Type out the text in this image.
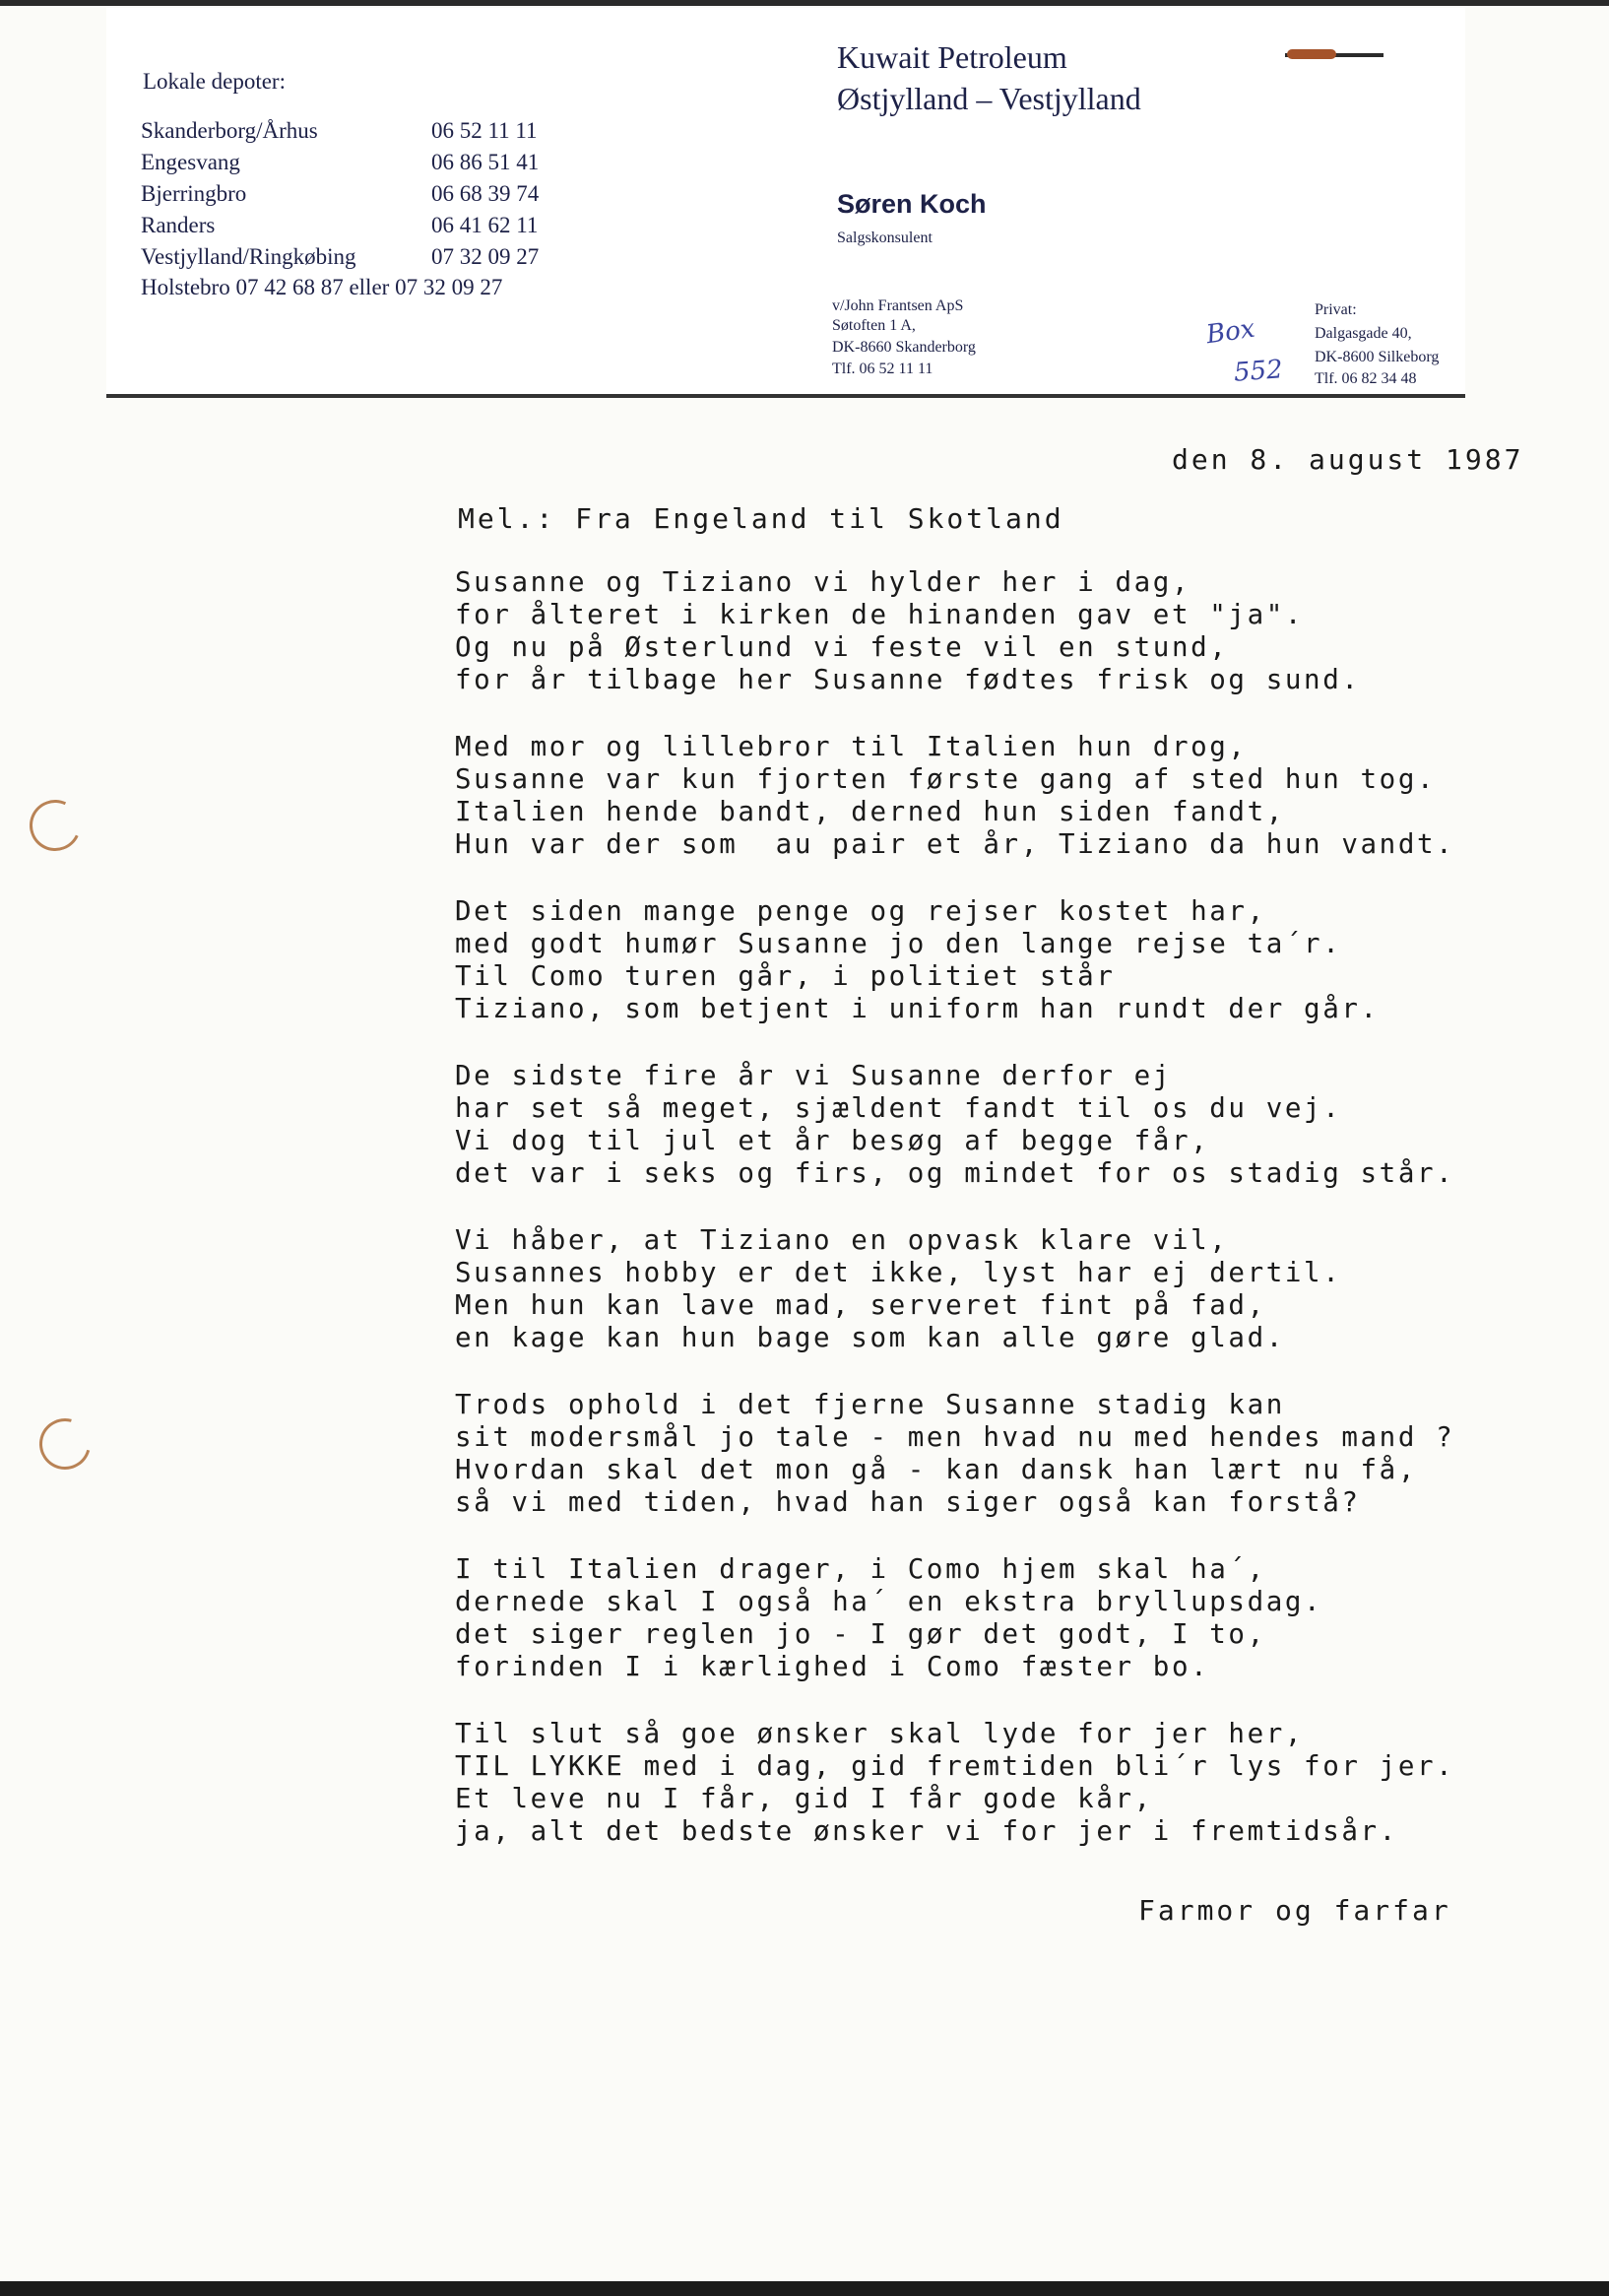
Lokale depoter:
Skanderborg/Århus	06 52 11 11
Engesvang	06 86 51 41
Bjerringbro	06 68 39 74
Randers	06 41 62 11
Vestjylland/Ringkøbing	07 32 09 27
Holstebro 07 42 68 87 eller 07 32 09 27
Kuwait Petroleum
Østjylland – Vestjylland
Søren Koch
Salgskonsulent
v/John Frantsen ApS
Søtoften 1 A,
DK-8660 Skanderborg
Tlf. 06 52 11 11
Privat:
Dalgasgade 40,
DK-8600 Silkeborg
Tlf. 06 82 34 48
Box
552
den 8. august 1987
Mel.: Fra Engeland til Skotland
Susanne og Tiziano vi hylder her i dag,
for ålteret i kirken de hinanden gav et "ja".
Og nu på Østerlund vi feste vil en stund,
for år tilbage her Susanne fødtes frisk og sund.
Med mor og lillebror til Italien hun drog,
Susanne var kun fjorten første gang af sted hun tog.
Italien hende bandt, derned hun siden fandt,
Hun var der som  au pair et år, Tiziano da hun vandt.
Det siden mange penge og rejser kostet har,
med godt humør Susanne jo den lange rejse ta´r.
Til Como turen går, i politiet står
Tiziano, som betjent i uniform han rundt der går.
De sidste fire år vi Susanne derfor ej
har set så meget, sjældent fandt til os du vej.
Vi dog til jul et år besøg af begge får,
det var i seks og firs, og mindet for os stadig står.
Vi håber, at Tiziano en opvask klare vil,
Susannes hobby er det ikke, lyst har ej dertil.
Men hun kan lave mad, serveret fint på fad,
en kage kan hun bage som kan alle gøre glad.
Trods ophold i det fjerne Susanne stadig kan
sit modersmål jo tale - men hvad nu med hendes mand ?
Hvordan skal det mon gå - kan dansk han lært nu få,
så vi med tiden, hvad han siger også kan forstå?
I til Italien drager, i Como hjem skal ha´,
dernede skal I også ha´ en ekstra bryllupsdag.
det siger reglen jo - I gør det godt, I to,
forinden I i kærlighed i Como fæster bo.
Til slut så goe ønsker skal lyde for jer her,
TIL LYKKE med i dag, gid fremtiden bli´r lys for jer.
Et leve nu I får, gid I får gode kår,
ja, alt det bedste ønsker vi for jer i fremtidsår.
Farmor og farfar
